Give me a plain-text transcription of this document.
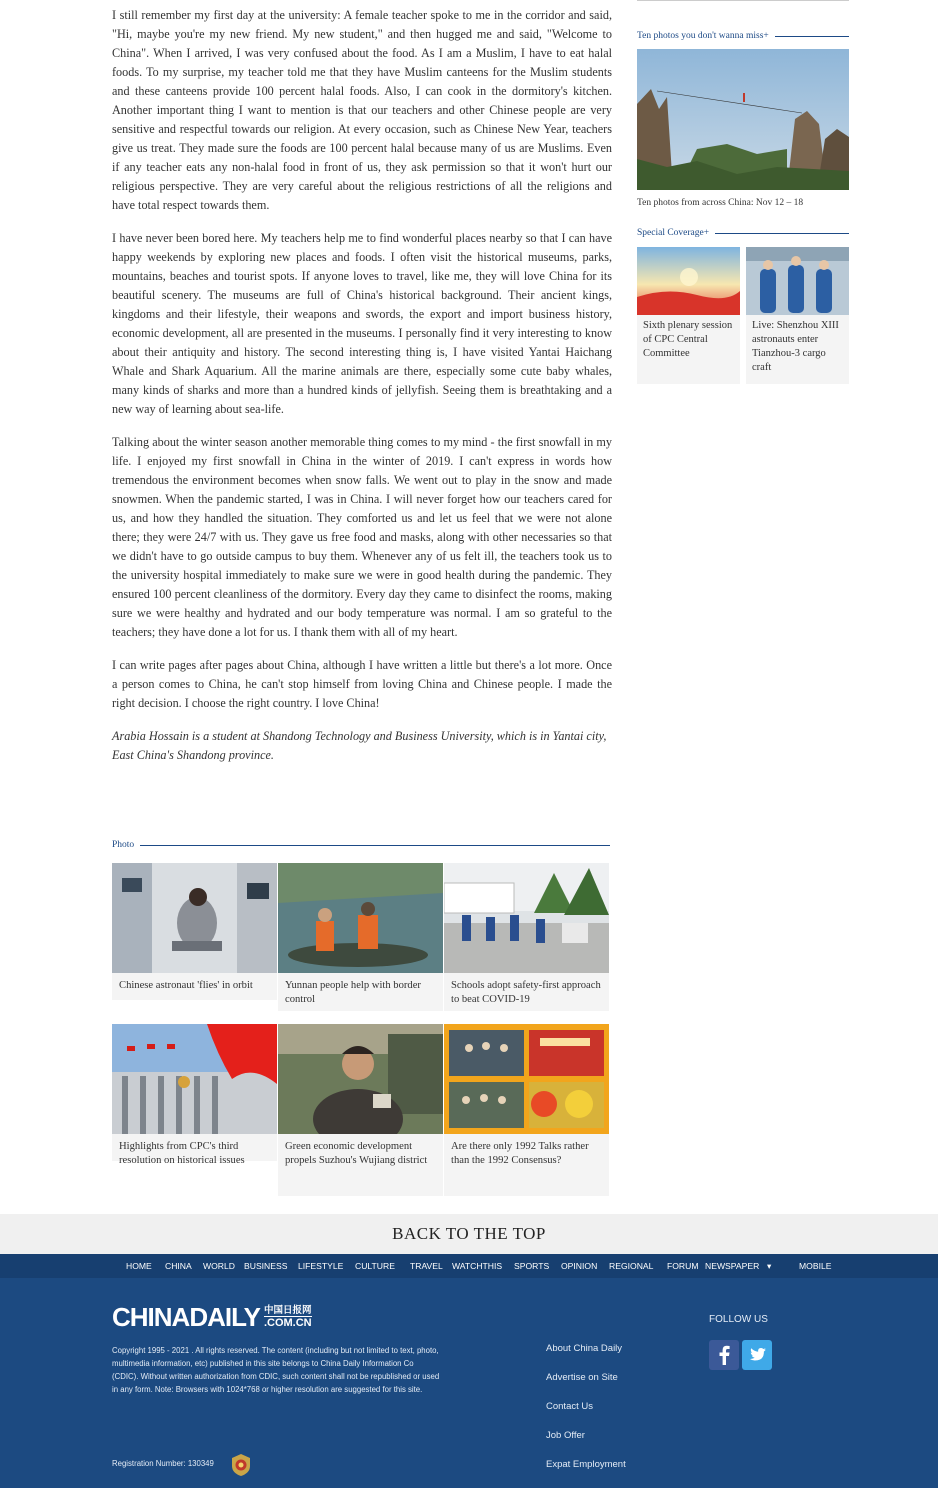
I still remember my first day at the university: A female teacher spoke to me in the corridor and said, "Hi, maybe you're my new friend. My new student," and then hugged me and said, "Welcome to China". When I arrived, I was very confused about the food. As I am a Muslim, I have to eat halal foods. To my surprise, my teacher told me that they have Muslim canteens for the Muslim students and these canteens provide 100 percent halal foods. Also, I can cook in the dormitory's kitchen. Another important thing I want to mention is that our teachers and other Chinese people are very sensitive and respectful towards our religion. At every occasion, such as Chinese New Year, teachers give us treat. They made sure the foods are 100 percent halal because many of us are Muslims. Even if any teacher eats any non-halal food in front of us, they ask permission so that it won't hurt our religious perspective. They are very careful about the religious restrictions of all the religions and have total respect towards them.

I have never been bored here. My teachers help me to find wonderful places nearby so that I can have happy weekends by exploring new places and foods. I often visit the historical museums, parks, mountains, beaches and tourist spots. If anyone loves to travel, like me, they will love China for its beautiful scenery. The museums are full of China's historical background. Their ancient kings, kingdoms and their lifestyle, their weapons and swords, the export and import business history, economic development, all are presented in the museums. I personally find it very interesting to know about their antiquity and history. The second interesting thing is, I have visited Yantai Haichang Whale and Shark Aquarium. All the marine animals are there, especially some cute baby whales, many kinds of sharks and more than a hundred kinds of jellyfish. Seeing them is breathtaking and a new way of learning about sea-life.

Talking about the winter season another memorable thing comes to my mind - the first snowfall in my life. I enjoyed my first snowfall in China in the winter of 2019. I can't express in words how tremendous the environment becomes when snow falls. We went out to play in the snow and made snowmen. When the pandemic started, I was in China. I will never forget how our teachers cared for us, and how they handled the situation. They comforted us and let us feel that we were not alone there; they were 24/7 with us. They gave us free food and masks, along with other necessaries so that we didn't have to go outside campus to buy them. Whenever any of us felt ill, the teachers took us to the university hospital immediately to make sure we were in good health during the pandemic. They ensured 100 percent cleanliness of the dormitory. Every day they came to disinfect the rooms, making sure we were healthy and hydrated and our body temperature was normal. I am so grateful to the teachers; they have done a lot for us. I thank them with all of my heart.

I can write pages after pages about China, although I have written a little but there's a lot more. Once a person comes to China, he can't stop himself from loving China and Chinese people. I made the right decision. I choose the right country. I love China!

Arabia Hossain is a student at Shandong Technology and Business University, which is in Yantai city, East China's Shandong province.

Ten photos you don't wanna miss+
Ten photos from across China: Nov 12 – 18
Special Coverage+
Sixth plenary session of CPC Central Committee
Live: Shenzhou XIII astronauts enter Tianzhou-3 cargo craft
Photo
Chinese astronaut 'flies' in orbit	Yunnan people help with border control
Schools adopt safety-first approach to beat COVID-19
Highlights from CPC's third resolution on historical issues
Green economic development propels Suzhou's Wujiang district
Are there only 1992 Talks rather than the 1992 Consensus?
BACK TO THE TOP
HOME CHINA WORLD BUSINESS LIFESTYLE CULTURE TRAVEL WATCHTHIS SPORTS OPINION REGIONAL FORUM NEWSPAPER ▾	MOBILE
CHINADAILY 中国日报网
.COM.CN
Copyright 1995 - 2021 . All rights reserved. The content (including but not limited to text, photo, multimedia information, etc) published in this site belongs to China Daily Information Co (CDIC). Without written authorization from CDIC, such content shall not be republished or used in any form. Note: Browsers with 1024*768 or higher resolution are suggested for this site.
Registration Number: 130349
About China Daily
Advertise on Site
Contact Us
Job Offer
Expat Employment
FOLLOW US
